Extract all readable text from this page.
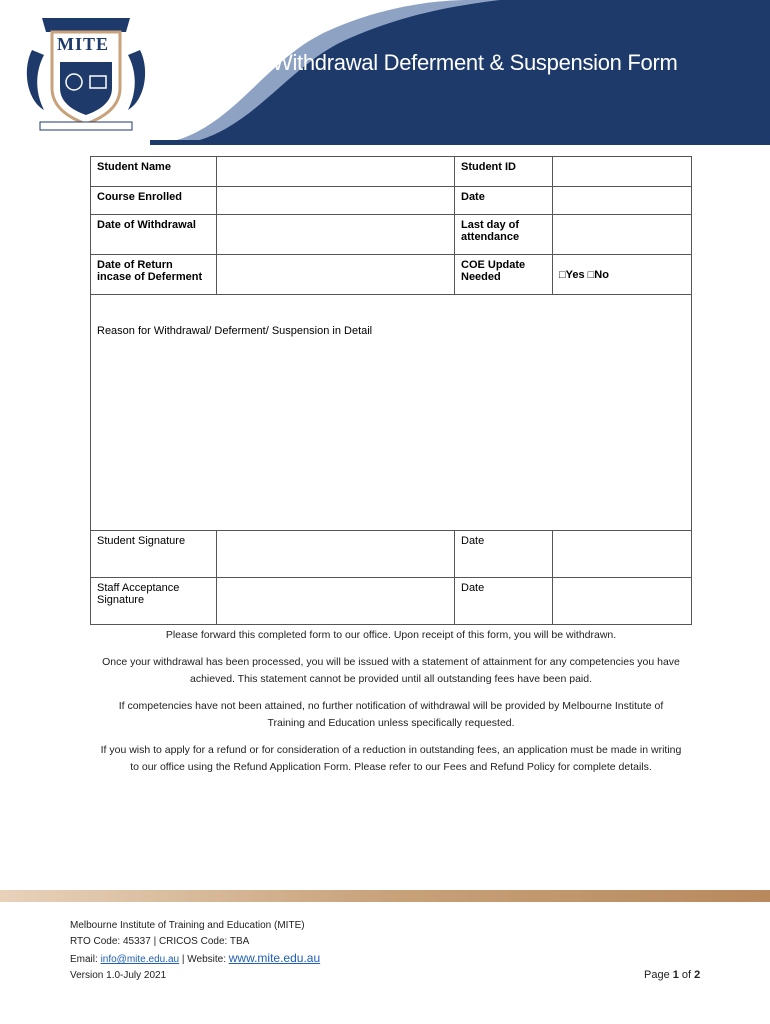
Withdrawal Deferment & Suspension Form
MITE
Student Name		Student ID	
Course Enrolled		Date	
Date of Withdrawal		Last day of attendance	
Date of Return incase of Deferment		COE Update Needed	□Yes □No

Reason for Withdrawal/ Deferment/ Suspension in Detail			

Student Signature		Date	
Staff Acceptance Signature		Date	
Please forward this completed form to our office. Upon receipt of this form, you will be withdrawn.
Once your withdrawal has been processed, you will be issued with a statement of attainment for any competencies you have achieved. This statement cannot be provided until all outstanding fees have been paid.
If competencies have not been attained, no further notification of withdrawal will be provided by Melbourne Institute of Training and Education unless specifically requested.
If you wish to apply for a refund or for consideration of a reduction in outstanding fees, an application must be made in writing to our office using the Refund Application Form. Please refer to our Fees and Refund Policy for complete details.
Melbourne Institute of Training and Education (MITE)
RTO Code: 45337 | CRICOS Code: TBA
Email: info@mite.edu.au | Website: www.mite.edu.au
Version 1.0-July 2021	Page 1 of 2
